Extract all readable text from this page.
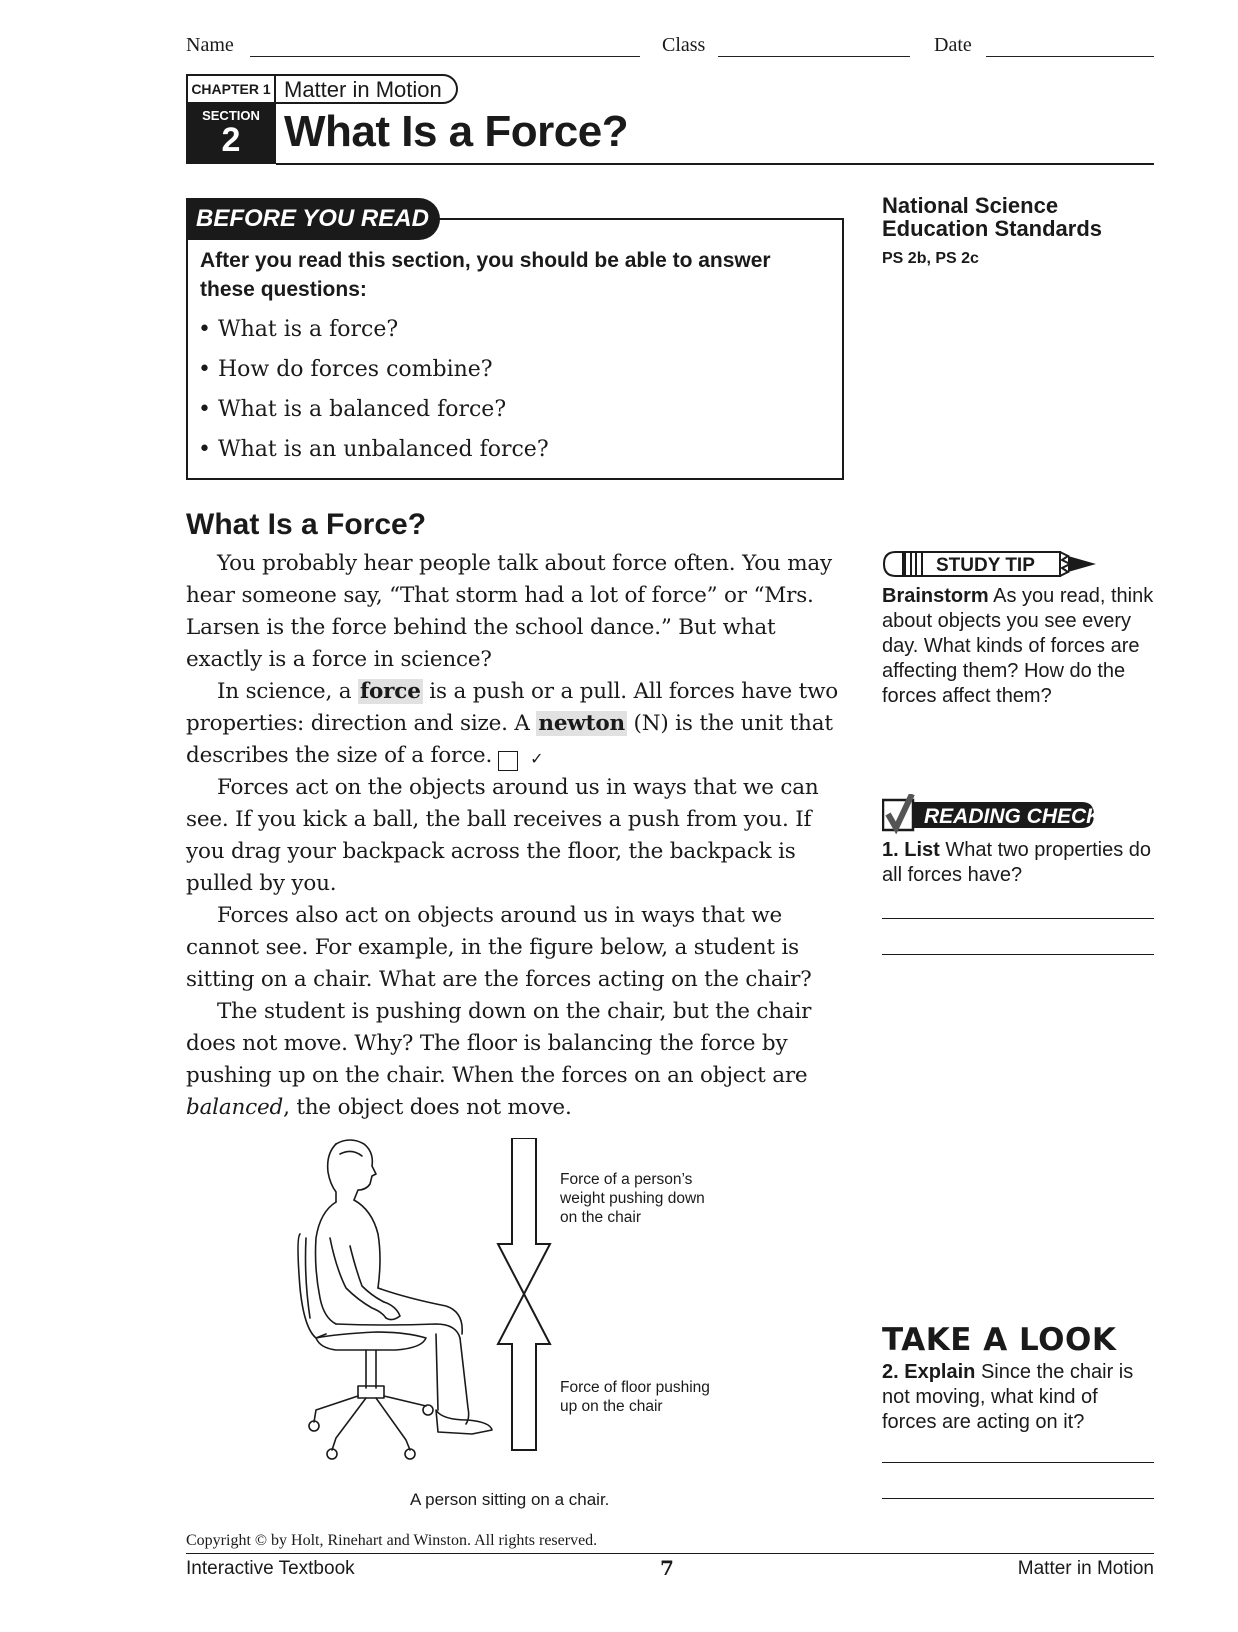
Name	Class	Date
CHAPTER 1
SECTION
2
Matter in Motion
What Is a Force?
BEFORE YOU READ
After you read this section, you should be able to answer these questions:
• What is a force?
• How do forces combine?
• What is a balanced force?
• What is an unbalanced force?
National Science Education Standards
PS 2b, PS 2c
What Is a Force?

You probably hear people talk about force often. You may hear someone say, “That storm had a lot of force” or “Mrs. Larsen is the force behind the school dance.” But what exactly is a force in science?

In science, a force is a push or a pull. All forces have two properties: direction and size. A newton (N) is the unit that describes the size of a force. ✓

Forces act on the objects around us in ways that we can see. If you kick a ball, the ball receives a push from you. If you drag your backpack across the floor, the backpack is pulled by you.

Forces also act on objects around us in ways that we cannot see. For example, in the figure below, a student is sitting on a chair. What are the forces acting on the chair?

The student is pushing down on the chair, but the chair does not move. Why? The floor is balancing the force by pushing up on the chair. When the forces on an object are balanced, the object does not move.

STUDY TIP
Brainstorm As you read, think about objects you see every day. What kinds of forces are affecting them? How do the forces affect them?
READING CHECK
1. List What two properties do all forces have?
TAKE A LOOK
2. Explain Since the chair is not moving, what kind of forces are acting on it?
Force of a person’s
weight pushing down
on the chair
Force of floor pushing
up on the chair
A person sitting on a chair.
Copyright © by Holt, Rinehart and Winston. All rights reserved.
Interactive Textbook	7	Matter in Motion
